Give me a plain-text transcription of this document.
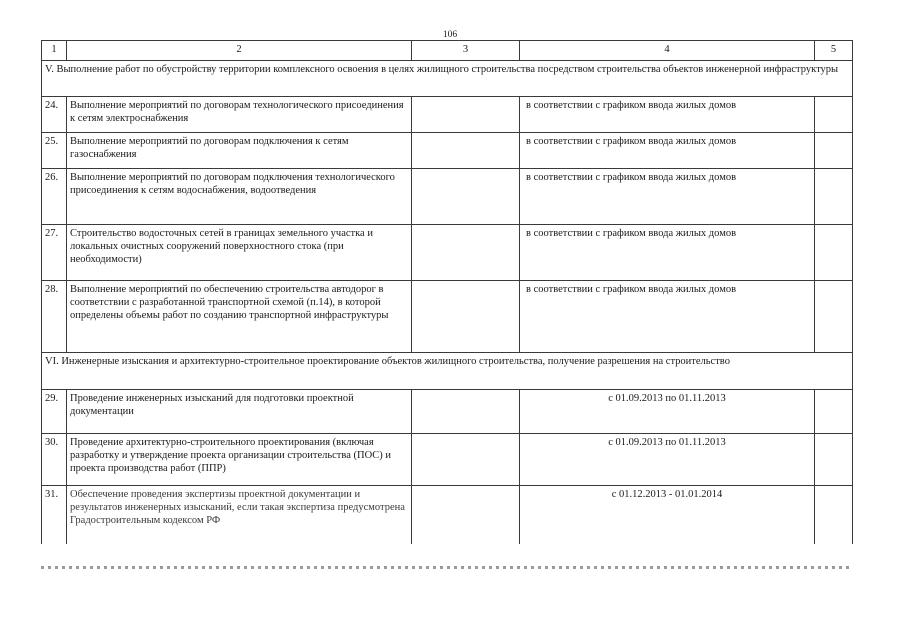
106
1	2	3	4	5
V. Выполнение работ по обустройству территории комплексного освоения в целях жилищного строительства посредством строительства объектов инженерной инфраструктуры				
24.	Выполнение мероприятий по договорам технологического присоединения к сетям электроснабжения		в соответствии с графиком ввода жилых домов	
25.	Выполнение мероприятий по договорам подключения к сетям газоснабжения		в соответствии с графиком ввода жилых домов	
26.	Выполнение мероприятий по договорам подключения технологического присоединения к сетям водоснабжения, водоотведения		в соответствии с графиком ввода жилых домов	
27.	Строительство водосточных сетей в границах земельного участка и локальных очистных сооружений поверхностного стока (при необходимости)		в соответствии с графиком ввода жилых домов	
28.	Выполнение мероприятий по обеспечению строительства автодорог в соответствии с разработанной транспортной схемой (п.14), в которой определены объемы работ по созданию транспортной инфраструктуры		в соответствии с графиком ввода жилых домов	
VI. Инженерные изыскания и архитектурно-строительное проектирование объектов жилищного строительства, получение разрешения на строительство				
29.	Проведение инженерных изысканий для подготовки проектной документации		с 01.09.2013 по 01.11.2013	
30.	Проведение архитектурно-строительного проектирования (включая разработку и утверждение проекта организации строительства (ПОС) и проекта производства работ (ППР)		с 01.09.2013 по 01.11.2013	
31.	Обеспечение проведения экспертизы проектной документации и результатов инженерных изысканий, если такая экспертиза предусмотрена Градостроительным кодексом РФ		с 01.12.2013 - 01.01.2014	
